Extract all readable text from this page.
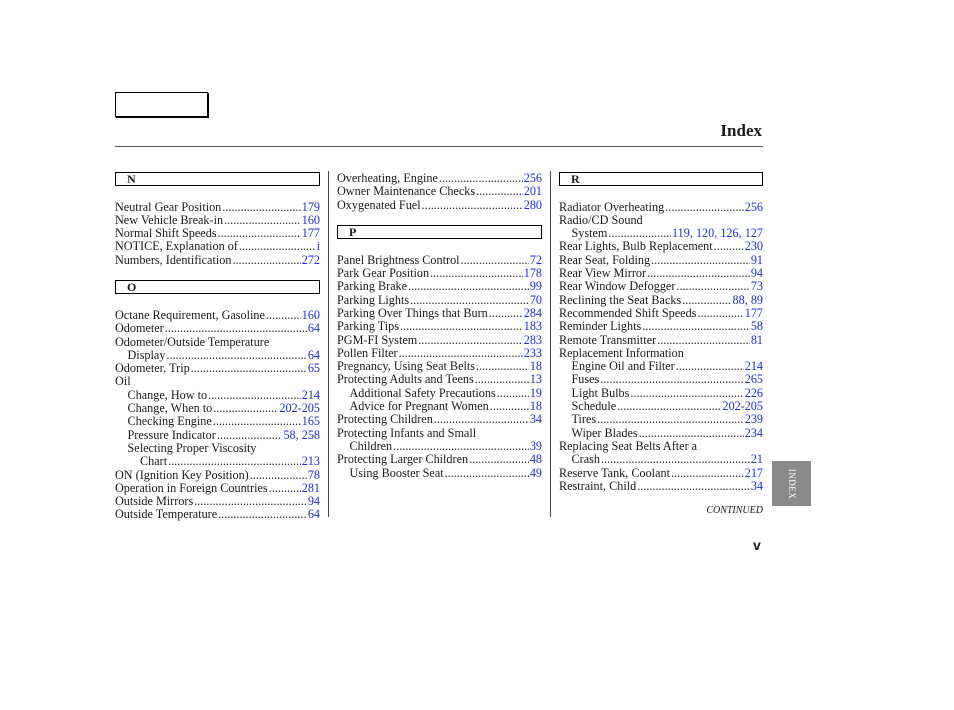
Index
N
Neutral Gear Position .....	179
New Vehicle Break-in .....	160
Normal Shift Speeds .....	177
NOTICE, Explanation of .....	i
Numbers, Identification .....	272
O
Octane Requirement, Gasoline .....	160
Odometer .....	64
Odometer/Outside Temperature
Display .....	64
Odometer, Trip .....	65
Oil
Change, How to .....	214
Change, When to .....	202-205
Checking Engine .....	165
Pressure Indicator .....	58, 258
Selecting Proper Viscosity
Chart .....	213
ON (Ignition Key Position) .....	78
Operation in Foreign Countries .....	281
Outside Mirrors .....	94
Outside Temperature .....	64
Overheating, Engine .....	256
Owner Maintenance Checks .....	201
Oxygenated Fuel .....	280
P
Panel Brightness Control .....	72
Park Gear Position .....	178
Parking Brake .....	99
Parking Lights .....	70
Parking Over Things that Burn .....	284
Parking Tips .....	183
PGM-FI System .....	283
Pollen Filter .....	233
Pregnancy, Using Seat Belts .....	18
Protecting Adults and Teens .....	13
Additional Safety Precautions .....	19
Advice for Pregnant Women .....	18
Protecting Children .....	34
Protecting Infants and Small
Children .....	39
Protecting Larger Children .....	48
Using Booster Seat .....	49
R
Radiator Overheating .....	256
Radio/CD Sound
System .....	119, 120, 126, 127
Rear Lights, Bulb Replacement .....	230
Rear Seat, Folding .....	91
Rear View Mirror .....	94
Rear Window Defogger .....	73
Reclining the Seat Backs .....	88, 89
Recommended Shift Speeds .....	177
Reminder Lights .....	58
Remote Transmitter .....	81
Replacement Information
Engine Oil and Filter .....	214
Fuses .....	265
Light Bulbs .....	226
Schedule .....	202-205
Tires .....	239
Wiper Blades .....	234
Replacing Seat Belts After a
Crash .....	21
Reserve Tank, Coolant .....	217
Restraint, Child .....	34	INDEX
CONTINUED
v
